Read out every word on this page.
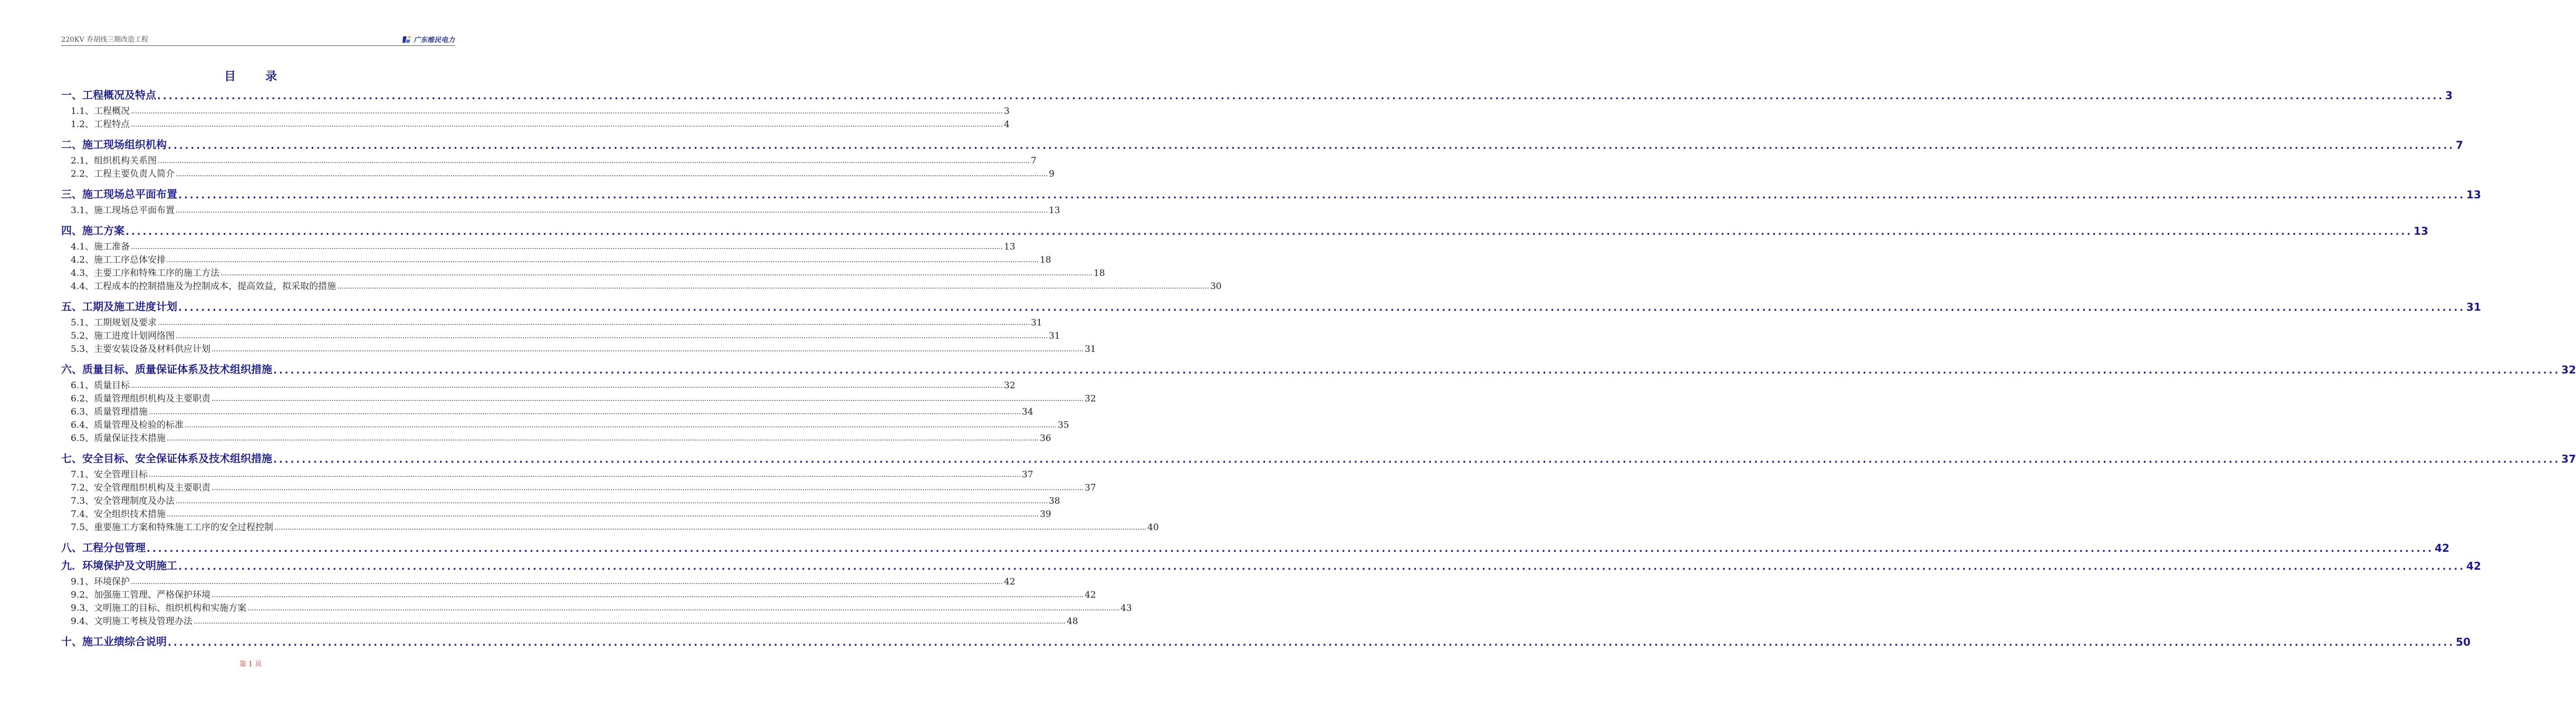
220KV 乔胡线三期改造工程	广东维民电力
目	录
一、工程概况及特点 ................................................................................................................................................................................................................................................................................................................................................................................................................ 3
1.1、工程概况 ................................................................................................................................................................................................................................................................................................................................................................................................................ 3
1.2、工程特点 ................................................................................................................................................................................................................................................................................................................................................................................................................ 4
二、施工现场组织机构 ................................................................................................................................................................................................................................................................................................................................................................................................................ 7
2.1、组织机构关系图 ................................................................................................................................................................................................................................................................................................................................................................................................................ 7
2.2、工程主要负责人简介 ................................................................................................................................................................................................................................................................................................................................................................................................................ 9
三、施工现场总平面布置 ................................................................................................................................................................................................................................................................................................................................................................................................................ 13
3.1、施工现场总平面布置 ................................................................................................................................................................................................................................................................................................................................................................................................................ 13
四、施工方案 ................................................................................................................................................................................................................................................................................................................................................................................................................ 13
4.1、施工准备 ................................................................................................................................................................................................................................................................................................................................................................................................................ 13
4.2、施工工序总体安排 ................................................................................................................................................................................................................................................................................................................................................................................................................ 18
4.3、主要工序和特殊工序的施工方法 ................................................................................................................................................................................................................................................................................................................................................................................................................ 18
4.4、工程成本的控制措施及为控制成本，提高效益，拟采取的措施 ................................................................................................................................................................................................................................................................................................................................................................................................................ 30
五、工期及施工进度计划 ................................................................................................................................................................................................................................................................................................................................................................................................................ 31
5.1、工期规划及要求 ................................................................................................................................................................................................................................................................................................................................................................................................................ 31
5.2、施工进度计划网络图 ................................................................................................................................................................................................................................................................................................................................................................................................................ 31
5.3、主要安装设备及材料供应计划 ................................................................................................................................................................................................................................................................................................................................................................................................................ 31
六、质量目标、质量保证体系及技术组织措施 ................................................................................................................................................................................................................................................................................................................................................................................................................ 32
6.1、质量目标 ................................................................................................................................................................................................................................................................................................................................................................................................................ 32
6.2、质量管理组织机构及主要职责 ................................................................................................................................................................................................................................................................................................................................................................................................................ 32
6.3、质量管理措施 ................................................................................................................................................................................................................................................................................................................................................................................................................ 34
6.4、质量管理及检验的标准 ................................................................................................................................................................................................................................................................................................................................................................................................................ 35
6.5、质量保证技术措施 ................................................................................................................................................................................................................................................................................................................................................................................................................ 36
七、安全目标、安全保证体系及技术组织措施 ................................................................................................................................................................................................................................................................................................................................................................................................................ 37
7.1、安全管理目标 ................................................................................................................................................................................................................................................................................................................................................................................................................ 37
7.2、安全管理组织机构及主要职责 ................................................................................................................................................................................................................................................................................................................................................................................................................ 37
7.3、安全管理制度及办法 ................................................................................................................................................................................................................................................................................................................................................................................................................ 38
7.4、安全组织技术措施 ................................................................................................................................................................................................................................................................................................................................................................................................................ 39
7.5、重要施工方案和特殊施工工序的安全过程控制 ................................................................................................................................................................................................................................................................................................................................................................................................................ 40
八、工程分包管理 ................................................................................................................................................................................................................................................................................................................................................................................................................ 42
九．环境保护及文明施工 ................................................................................................................................................................................................................................................................................................................................................................................................................ 42
9.1、环境保护 ................................................................................................................................................................................................................................................................................................................................................................................................................ 42
9.2、加强施工管理、严格保护环境 ................................................................................................................................................................................................................................................................................................................................................................................................................ 42
9.3、文明施工的目标、组织机构和实施方案 ................................................................................................................................................................................................................................................................................................................................................................................................................ 43
9.4、文明施工考核及管理办法 ................................................................................................................................................................................................................................................................................................................................................................................................................ 48
十、施工业绩综合说明 ................................................................................................................................................................................................................................................................................................................................................................................................................ 50
第 1 页
